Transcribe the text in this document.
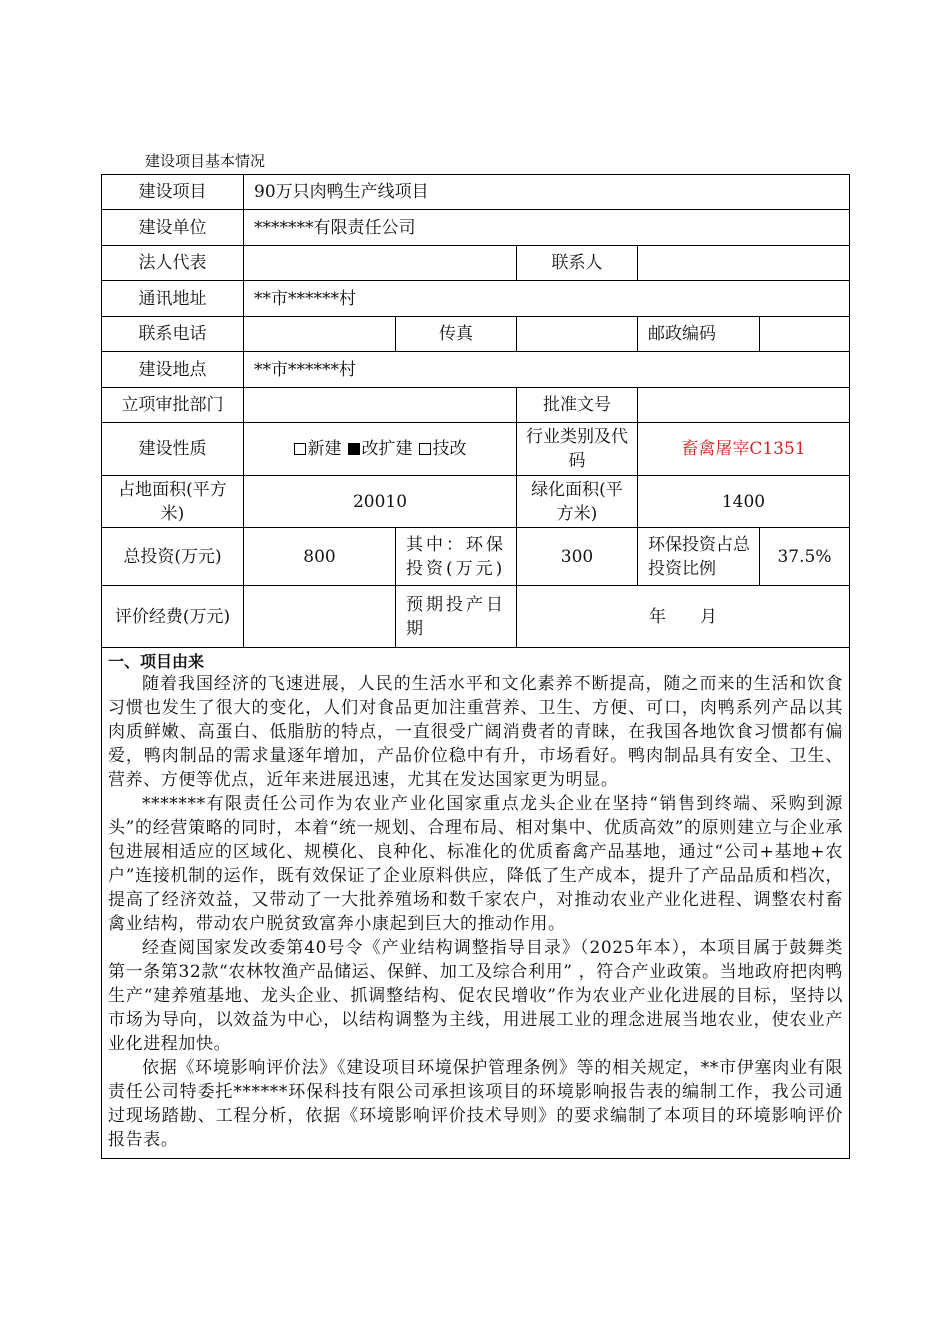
建设项目基本情况
建设项目	90万只肉鸭生产线项目				
建设单位	*******有限责任公司				
法人代表			联系人		
通讯地址	**市******村				
联系电话		传真		邮政编码	
建设地点	**市******村				
立项审批部门			批准文号		
建设性质	新建 改扩建 技改		行业类别及代码	畜禽屠宰C1351	
占地面积(平方米)	20010		绿化面积(平方米)	1400	
总投资(万元)	800	其中：环保投资(万元)	300	环保投资占总投资比例	37.5%
评价经费(万元)		预期投产日期	年　　月		

一、项目由来

随着我国经济的飞速进展，人民的生活水平和文化素养不断提高，随之而来的生活和饮食习惯也发生了很大的变化，人们对食品更加注重营养、卫生、方便、可口，肉鸭系列产品以其肉质鲜嫩、高蛋白、低脂肪的特点，一直很受广阔消费者的青睐，在我国各地饮食习惯都有偏爱，鸭肉制品的需求量逐年增加，产品价位稳中有升，市场看好。鸭肉制品具有安全、卫生、营养、方便等优点，近年来进展迅速，尤其在发达国家更为明显。

*******有限责任公司作为农业产业化国家重点龙头企业在坚持“销售到终端、采购到源头”的经营策略的同时，本着“统一规划、合理布局、相对集中、优质高效”的原则建立与企业承包进展相适应的区域化、规模化、良种化、标准化的优质畜禽产品基地，通过“公司+基地+农户”连接机制的运作，既有效保证了企业原料供应，降低了生产成本，提升了产品品质和档次，提高了经济效益，又带动了一大批养殖场和数千家农户，对推动农业产业化进程、调整农村畜禽业结构，带动农户脱贫致富奔小康起到巨大的推动作用。

经查阅国家发改委第40号令《产业结构调整指导目录》（2025年本），本项目属于鼓舞类第一条第32款“农林牧渔产品储运、保鲜、加工及综合利用” ，符合产业政策。当地政府把肉鸭生产“建养殖基地、龙头企业、抓调整结构、促农民增收”作为农业产业化进展的目标，坚持以市场为导向，以效益为中心，以结构调整为主线，用进展工业的理念进展当地农业，使农业产业化进程加快。

依据《环境影响评价法》《建设项目环境保护管理条例》等的相关规定，**市伊塞肉业有限责任公司特委托******环保科技有限公司承担该项目的环境影响报告表的编制工作，我公司通过现场踏勘、工程分析，依据《环境影响评价技术导则》的要求编制了本项目的环境影响评价报告表。					
